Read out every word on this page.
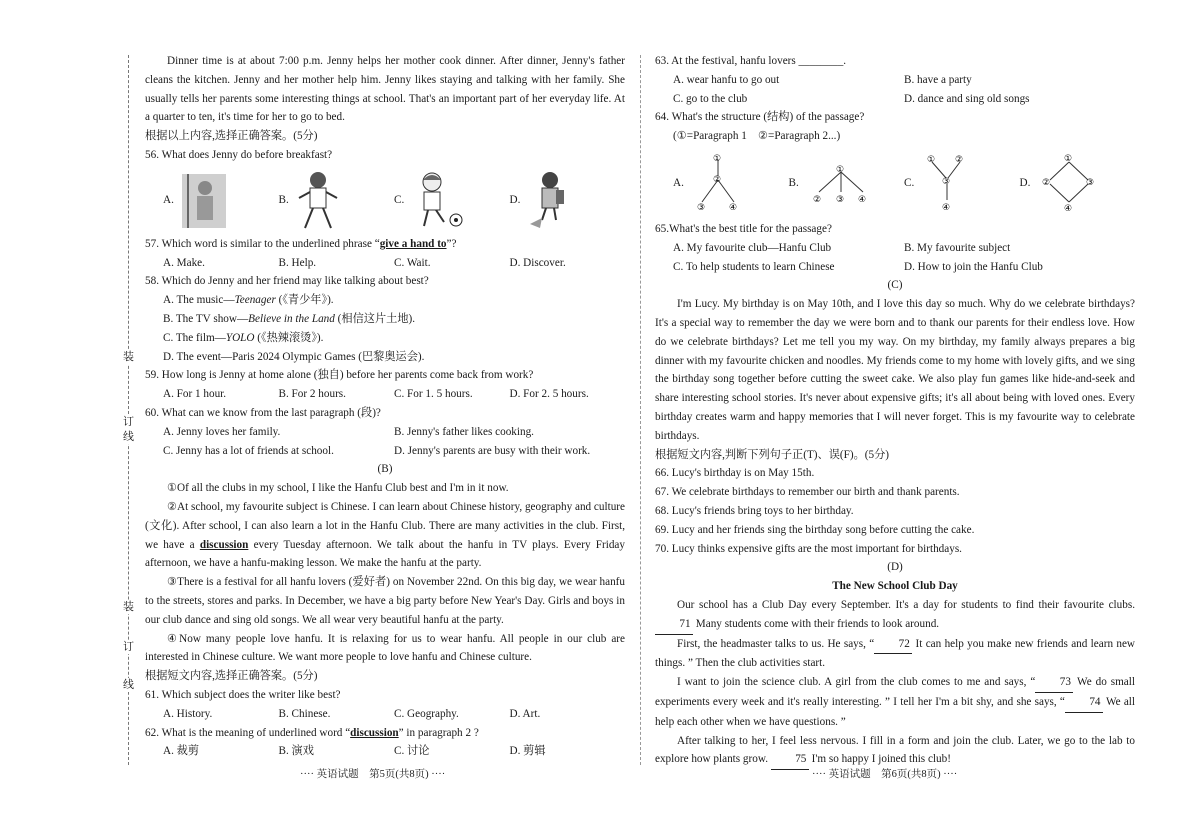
装
订
线
装
订
线

Dinner time is at about 7:00 p.m. Jenny helps her mother cook dinner. After dinner, Jenny's father cleans the kitchen. Jenny and her mother help him. Jenny likes staying and talking with her family. She usually tells her parents some interesting things at school. That's an important part of her everyday life. At a quarter to ten, it's time for her to go to bed.

根据以上内容,选择正确答案。(5分)

56. What does Jenny do before breakfast?

A.	B.	C.	D.

57. Which word is similar to the underlined phrase “give a hand to”?

A. Make.	B. Help.	C. Wait.	D. Discover.

58. Which do Jenny and her friend may like talking about best?

A. The music—Teenager (《青少年》).
B. The TV show—Believe in the Land (相信这片土地).
C. The film—YOLO (《热辣滚烫》).
D. The event—Paris 2024 Olympic Games (巴黎奥运会).

59. How long is Jenny at home alone (独自) before her parents come back from work?

A. For 1 hour.	B. For 2 hours.	C. For 1. 5 hours.	D. For 2. 5 hours.

60. What can we know from the last paragraph (段)?

A. Jenny loves her family.	B. Jenny's father likes cooking.
C. Jenny has a lot of friends at school.	D. Jenny's parents are busy with their work.
(B)

①Of all the clubs in my school, I like the Hanfu Club best and I'm in it now.

②At school, my favourite subject is Chinese. I can learn about Chinese history, geography and culture (文化). After school, I can also learn a lot in the Hanfu Club. There are many activities in the club. First, we have a discussion every Tuesday afternoon. We talk about the hanfu in TV plays. Every Friday afternoon, we have a hanfu-making lesson. We make the hanfu at the party.

③There is a festival for all hanfu lovers (爱好者) on November 22nd. On this big day, we wear hanfu to the streets, stores and parks. In December, we have a big party before New Year's Day. Girls and boys in our club dance and sing old songs. We all wear very beautiful hanfu at the party.

④Now many people love hanfu. It is relaxing for us to wear hanfu. All people in our club are interested in Chinese culture. We want more people to love hanfu and Chinese culture.

根据短文内容,选择正确答案。(5分)

61. Which subject does the writer like best?

A. History.	B. Chinese.	C. Geography.	D. Art.

62. What is the meaning of underlined word “discussion” in paragraph 2 ?

A. 裁剪	B. 演戏	C. 讨论	D. 剪辑
···· 英语试题　第5页(共8页) ····

63. At the festival, hanfu lovers ________.

A. wear hanfu to go out	B. have a party
C. go to the club	D. dance and sing old songs

64. What's the structure (结构) of the passage?

(①=Paragraph 1　②=Paragraph 2...)

A.
①
②
③	④
B.
①
② ③ ④
C.
① ②
③
④
D.
①
②	③
④

65.What's the best title for the passage?

A. My favourite club—Hanfu Club	B. My favourite subject
C. To help students to learn Chinese	D. How to join the Hanfu Club
(C)

I'm Lucy. My birthday is on May 10th, and I love this day so much. Why do we celebrate birthdays? It's a special way to remember the day we were born and to thank our parents for their endless love. How do we celebrate birthdays? Let me tell you my way. On my birthday, my family always prepares a big dinner with my favourite chicken and noodles. My friends come to my home with lovely gifts, and we sing the birthday song together before cutting the sweet cake. We also play fun games like hide-and-seek and share interesting school stories. It's never about expensive gifts; it's all about being with loved ones. Every birthday creates warm and happy memories that I will never forget. This is my favourite way to celebrate birthdays.

根据短文内容,判断下列句子正(T)、误(F)。(5分)

66. Lucy's birthday is on May 15th.

67. We celebrate birthdays to remember our birth and thank parents.

68. Lucy's friends bring toys to her birthday.

69. Lucy and her friends sing the birthday song before cutting the cake.

70. Lucy thinks expensive gifts are the most important for birthdays.

(D)
The New School Club Day

Our school has a Club Day every September. It's a day for students to find their favourite clubs. 71 Many students come with their friends to look around.

First, the headmaster talks to us. He says, “ 72 It can help you make new friends and learn new things. ” Then the club activities start.

I want to join the science club. A girl from the club comes to me and says, “ 73 We do small experiments every week and it's really interesting. ” I tell her I'm a bit shy, and she says, “ 74 We all help each other when we have questions. ”

After talking to her, I feel less nervous. I fill in a form and join the club. Later, we go to the lab to explore how plants grow. 75 I'm so happy I joined this club!

···· 英语试题　第6页(共8页) ····
